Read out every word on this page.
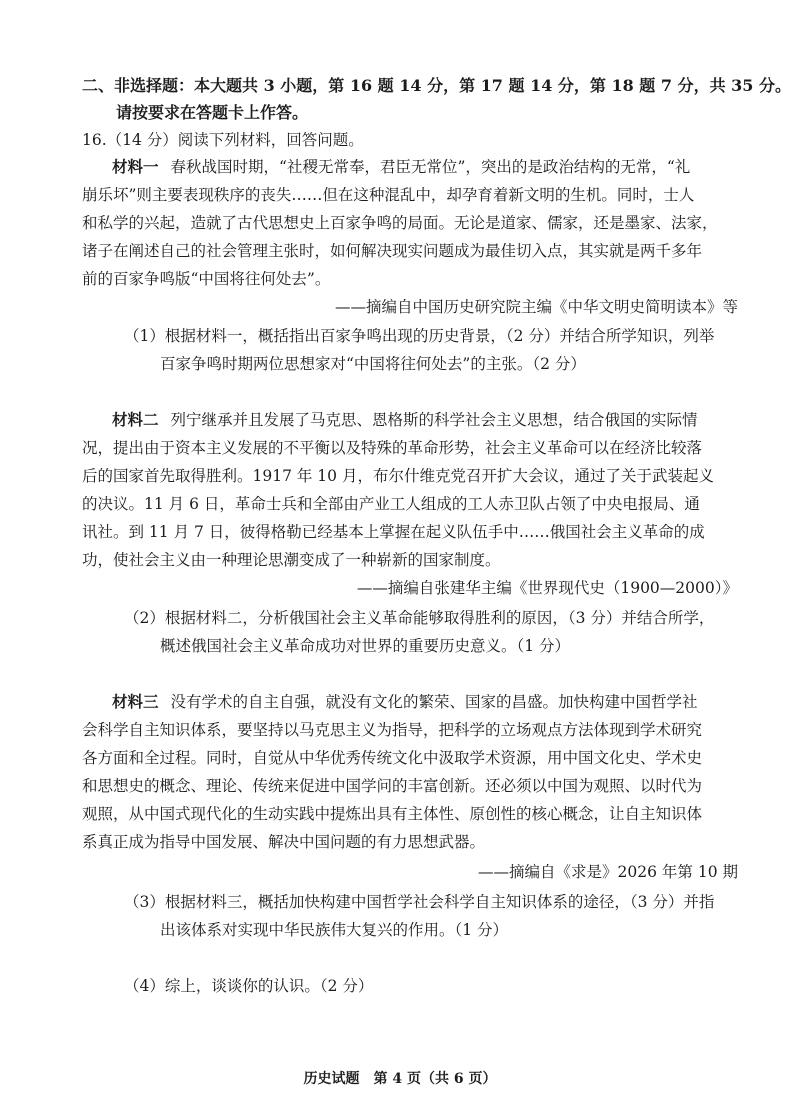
二、非选择题：本大题共 3 小题，第 16 题 14 分，第 17 题 14 分，第 18 题 7 分，共 35 分。
请按要求在答题卡上作答。
16.（14 分）阅读下列材料，回答问题。
材料一 春秋战国时期，“社稷无常奉，君臣无常位”，突出的是政治结构的无常，“礼
崩乐坏”则主要表现秩序的丧失……但在这种混乱中，却孕育着新文明的生机。同时，士人
和私学的兴起，造就了古代思想史上百家争鸣的局面。无论是道家、儒家，还是墨家、法家，
诸子在阐述自己的社会管理主张时，如何解决现实问题成为最佳切入点，其实就是两千多年
前的百家争鸣版“中国将往何处去”。
——摘编自中国历史研究院主编《中华文明史简明读本》等
（1）根据材料一，概括指出百家争鸣出现的历史背景，（2 分）并结合所学知识，列举
百家争鸣时期两位思想家对“中国将往何处去”的主张。（2 分）
材料二 列宁继承并且发展了马克思、恩格斯的科学社会主义思想，结合俄国的实际情
况，提出由于资本主义发展的不平衡以及特殊的革命形势，社会主义革命可以在经济比较落
后的国家首先取得胜利。1917 年 10 月，布尔什维克党召开扩大会议，通过了关于武装起义
的决议。11 月 6 日，革命士兵和全部由产业工人组成的工人赤卫队占领了中央电报局、通
讯社。到 11 月 7 日，彼得格勒已经基本上掌握在起义队伍手中……俄国社会主义革命的成
功，使社会主义由一种理论思潮变成了一种崭新的国家制度。
——摘编自张建华主编《世界现代史（1900—2000）》
（2）根据材料二，分析俄国社会主义革命能够取得胜利的原因，（3 分）并结合所学，
概述俄国社会主义革命成功对世界的重要历史意义。（1 分）
材料三 没有学术的自主自强，就没有文化的繁荣、国家的昌盛。加快构建中国哲学社
会科学自主知识体系，要坚持以马克思主义为指导，把科学的立场观点方法体现到学术研究
各方面和全过程。同时，自觉从中华优秀传统文化中汲取学术资源，用中国文化史、学术史
和思想史的概念、理论、传统来促进中国学问的丰富创新。还必须以中国为观照、以时代为
观照，从中国式现代化的生动实践中提炼出具有主体性、原创性的核心概念，让自主知识体
系真正成为指导中国发展、解决中国问题的有力思想武器。
——摘编自《求是》2026 年第 10 期
（3）根据材料三，概括加快构建中国哲学社会科学自主知识体系的途径，（3 分）并指
出该体系对实现中华民族伟大复兴的作用。（1 分）
（4）综上，谈谈你的认识。（2 分）
历史试题　第 4 页（共 6 页）
